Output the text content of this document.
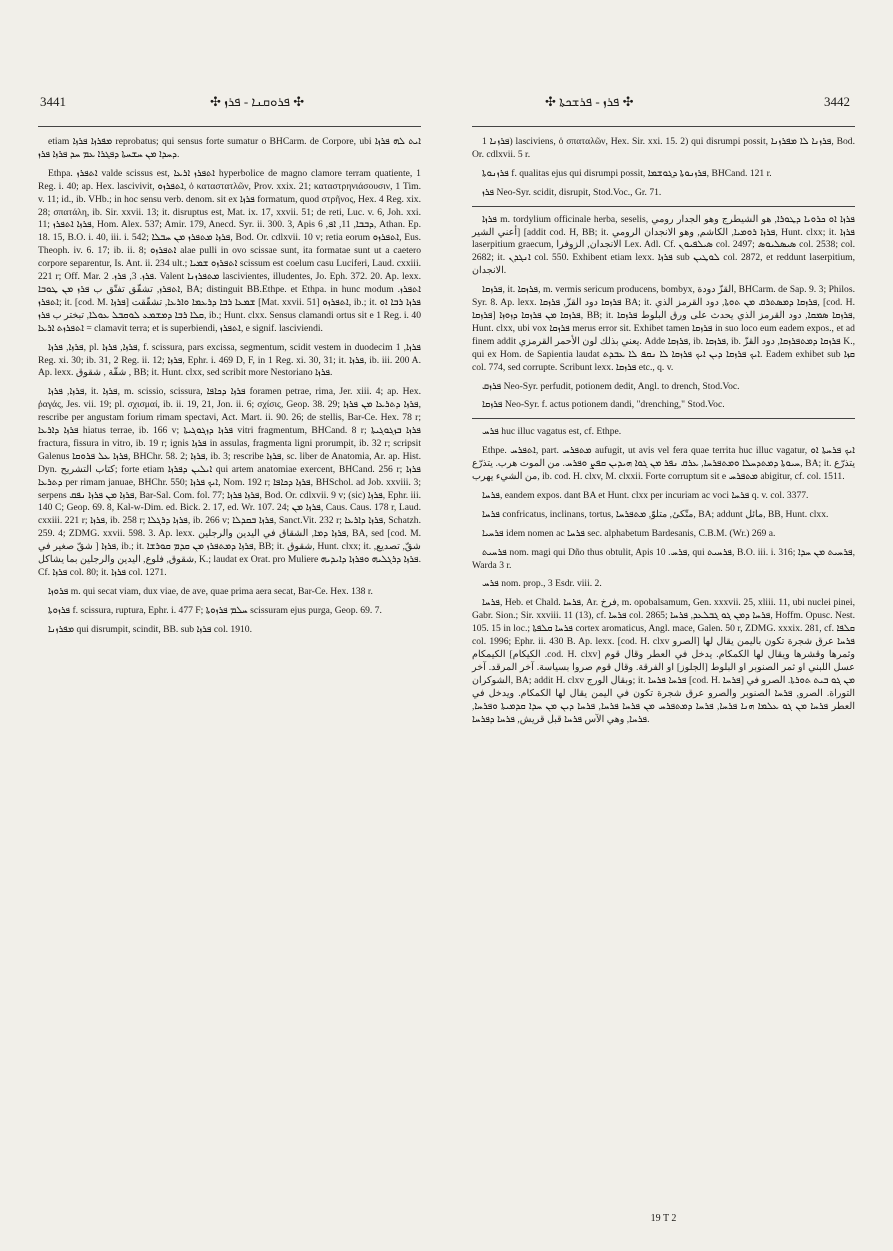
3441	✣ ܦܪܘܩܢܐ - ܦܪܙ ✣	✣ ܦܪܙ - ܦܪܫܟܬܐ ✣	3442

etiam ܡܦܪܙܐ ܦܪܙܐ reprobatus; qui sensus forte sumatur o BHCarm. de Corpore, ubi ܐܝܬ ܠܗ ܦܪܙܐ ܕܚܕܐ ܡܢ ܚܫܚܬܐ ܕܦܓܪܐ ܥܡ ܚܕ ܦܪܙܐ ܦܪܙ.

Ethpa. ܐܬܦܪܙ valde scissus est, ܐܬܦܪܙ ܐܪܥܐ hyperbolice de magno clamore terram quatiente, 1 Reg. i. 40; ap. Hex. lascivivit, ܐܬܦܪܙܘ, ὁ καταστατλῶν, Prov. xxix. 21; καταστρηνιάσουσιν, 1 Tim. v. 11; id., ib. VHb.; in hoc sensu verb. denom. sit ex ܦܪܙܐ formatum, quod στρῆνος, Hex. 4 Reg. xix. 28; σπατάλη, ib. Sir. xxvii. 13; it. disruptus est, Mat. ix. 17, xxvii. 51; de reti, Luc. v. 6, Joh. xxi. 11; ܦܪܙܐ ܐܬܦܪܙ, Hom. Alex. 537; Amir. 179, Anecd. Syr. ii. 300. 3, Apis ܕܒܒܐ, 11, ܐܦ, 6, Athan. Ep. 18. 15, B.O. i. 40, iii. i. 542; ܦܪܙܐ ܡܬܦܪܙ ܡܢ ܚܒܠܐ, Bod. Or. cdlxvii. 10 v; retia eorum ܐܬܦܪܙܘ, Eus. Theoph. iv. 6. 17; ib. ii. 8; ܐܬܦܪܙܘ alae pulli in ovo scissae sunt, ita formatae sunt ut a caetero corpore separentur, Is. Ant. ii. 234 ult.; ܐܬܦܪܙܘ ܫܡܝܐ scissum est coelum casu Luciferi, Laud. cxxiii. 221 r; Off. Mar. ܦܪܙ. 3, ܦܪܙ. 2. Valent ܡܬܦܪܙܢܐ lascivientes, illudentes, Jo. Eph. 372. 20. Ap. lexx. ܐܬܦܪܙ, تشقّق تفتّق ب ܦܪܙ ܡܢ ܛܘܒܐ, BA; distinguit BB.Ethpe. et Ethpa. in hunc modum ܐܬܦܪܙ. ܐܬܦܪܙ; it. [cod. M. ܦܪܙܐ] ܫܡܥܐ ܪܒܐ ܕܪܥܡܐ ܘܐܪܥܐ, تشقّقت [Mat. xxvii. 51] ܐܬܦܪܙܘ, ib.; it. ܦܪܙܐ ܪܒܐ ܐܘ ܩܠܐ ܪܒܐ ܕܡܫܡܥ ܠܘܩܒܠ ܥܘܠܐ, تبختر ب ܦܪܙ, ib.; Hunt. clxx. Sensus clamandi ortus sit e 1 Reg. i. 40 ܐܬܦܪܙܬ ܐܪܥܐ = clamavit terra; et is superbiendi, ܐܬܦܪܙ, e signif. lasciviendi.

ܦܪܙܐ, ܦܪܙܐ, pl. ܦܪܙܐ, ܦܪܙܐ, f. scissura, pars excissa, segmentum, scidit vestem in duodecim ܦܪܙܐ, 1 Reg. xi. 30; ib. 31, 2 Reg. ii. 12; ܦܪܙܐ, Ephr. i. 469 D, F, in 1 Reg. xi. 30, 31; it. ܦܪܙܐ, ib. iii. 200 A. Ap. lexx. شقّة , شقوق , BB; it. Hunt. clxx, sed scribit more Nestoriano ܦܪܙܐ.

ܦܪܙܐ, ܦܪܙܐ, it. ܦܪܙܐ, m. scissio, scissura, ܦܪܙܐ ܕܟܐܦܐ foramen petrae, rima, Jer. xiii. 4; ap. Hex. ῥαγάς, Jes. vii. 19; pl. σχισμαί, ib. ii. 19, 21, Jon. ii. 6; σχίσις, Geop. 38. 29; ܦܪܙܐ ܕܬܪܥܐ ܡܢ ܦܪܙܐ, rescribe per angustam forium rimam spectavi, Act. Mart. ii. 90. 26; de stellis, Bar-Ce. Hex. 78 r; ܦܪܙܐ ܕܐܪܥܐ hiatus terrae, ib. 166 v; ܦܪܙܐ ܕܙܓܘܓܝܬܐ vitri fragmentum, BHCand. 8 r; ܦܪܙܐ ܒܙܓܘܓܝܬܐ fractura, fissura in vitro, ib. 19 r; ignis ܦܪܙܐ in assulas, fragmenta ligni prorumpit, ib. 32 r; scripsit Galenus ܦܪܙܐ ܥܠ ܦܪܘܩܐ, BHChr. 58. 2; ܦܪܙܐ, ib. 3; rescribe ܦܪܙܐ, sc. liber de Anatomia, Ar. ap. Hist. Dyn. كتاب التشريح; forte etiam ܐܝܠܝܢ ܕܦܪܙܐ qui artem anatomiae exercent, BHCand. 256 r; ܦܪܙܐ ܕܬܪܥܐ per rimam januae, BHChr. 550; ܐܝܟ ܦܪܙܐ, Nom. 192 r; ܦܪܙܐ ܕܟܐܦܐ, BHSchol. ad Job. xxviii. 3; serpens ܦܪܙܐ ܡܢ ܦܪܙܐ ܢܦܩ, Bar-Sal. Com. fol. 77; ܦܪܙܐ ܦܪܙܐ, Bod. Or. cdlxvii. 9 v; (sic) ܦܪܙܐ, Ephr. iii. 140 C; Geop. 69. 8, Kal-w-Dim. ed. Bick. 2. 17, ed. Wr. 107. 24; ܦܪܙܐ ܡܢ, Caus. Caus. 178 r, Laud. cxxiii. 221 r; ܦܪܙܐ, ib. 258 r; ܦܪܙܐ ܕܪܓܠܐ, ib. 266 v; ܦܪܙܐ ܒܩܕܠܐ, Sanct.Vit. 232 r; ܦܪܙܐ ܕܐܪܥܐ, Schatzh. 259. 4; ZDMG. xxvii. 598. 3. Ap. lexx. ܦܪܙܐ ܕܡܐ, الشقاق في اليدين والرجلين, BA, sed [cod. M. شقّ صغير في ] ܦܪܙܐ, ib.; it. ܦܪܙܐ ܕܡܬܦܪܙ ܡܢ ܩܕܡ ܩܘܪܫܐ, BB; it. شقوق, Hunt. clxx; it. شقّ, تصديع, شقوق, فلوع, اليدين والرجلين بما يشاكل, K.; laudat ex Orat. pro Muliere ܦܪܙܐ ܕܪܓܠܝܗ ܘܦܪܙܐ ܕܐܝܕܝܗ. Cf. ܦܪܙܐ col. 80; it. ܦܪܙܐ col. 1271.

ܦܪܘܙܐ m. qui secat viam, dux viae, de ave, quae prima aera secat, Bar-Ce. Hex. 138 r.

ܦܪܙܘܬܐ f. scissura, ruptura, Ephr. i. 477 F; ܚܠܡ ܦܪܙܘܬܐ scissuram ejus purga, Geop. 69. 7.

ܡܦܪܙܢܐ qui disrumpit, scindit, BB. sub ܦܪܙܐ col. 1910.

ܦܪܙܢܐ 1) lasciviens, ὁ σπαταλῶν, Hex. Sir. xxi. 15. 2) qui disrumpi possit, ܦܪܙܢܐ ܠܐ ܡܦܪܙܢܐ, Bod. Or. cdlxvii. 5 r.

ܦܪܙܢܘܬܐ f. qualitas ejus qui disrumpi possit, ܦܪܙܢܘܬܐ ܕܓܘܫܡܐ, BHCand. 121 r.

ܦܪܙ Neo-Syr. scidit, disrupit, Stod.Voc., Gr. 71.

ܦܪܙܐ m. tordylium officinale herba, seselis, ܦܪܙܐ ܐܘ ܟܪܘܝܐ ܕܛܘܪܐ, هو الشيطرج وهو الجدار رومي [أعني الشير [addit cod. H, BB; it. ܦܪܙܐ ܪܘܡܝܐ, الكاشم, وهو الانجدان الرومي, Hunt. clxx; it. ܦܪܙܐ laserpitium graecum, الانجدان, الزوفرا Lex. Adl. Cf. ܣܝܠܦܝܘܢ col. 2497; ܣܝܣܠܝܘܣ col. 2538; col. 2682; it. ܐܢܓܕܢ col. 550. Exhibent etiam lexx. ܦܪܙܐ sub ܠܘܛܝܢ col. 2872, et reddunt laserpitium, الانجدان.

ܦܪܙܩܐ, it. ܦܪܙܩܐ, m. vermis sericum producens, bombyx, القزّ دودة, BHCarm. de Sap. 9. 3; Philos. Syr. 8. Ap. lexx. ܦܪܙܩܐ دود القزّ, ܦܪܙܩܐ BA; it. ܦܪܙܩܐ ܕܡܣܬܪܩ ܡܢ ܬܘܬܐ, دود القرمز الذي, [cod. H. ܦܪܙܩܐ] ܦܪܙܩܐ ܡܢ ܦܪܙܩܐ ܕܙܘܙܐ, BB; it. ܦܪܙܩܐ ܣܡܩܐ, دود القرمز الذي يحدث على ورق البلوط ܦܪܙܩܐ, Hunt. clxx, ubi vox ܦܪܙܩܐ merus error sit. Exhibet tamen ܦܪܙܩܐ in suo loco eum eadem expos., et ad finem addit يعني بذلك لون الأحمر القرمزي. Adde ܦܪܙܩܐ, ib. ܦܪܙܩܐ, ib. ܦܪܙܩܐ ܕܡܬܦܪܙܩܐ, دود القزّ K., qui ex Hom. de Sapientia laudat ܐܝܟ ܦܪܙܩܐ ܕܝܢ ܐܝܟ ܦܪܙܩܐ ܠܐ ܢܩܦ ܠܐ ܥܒܕܬ. Eadem exhibet sub ܩܙܐ col. 774, sed corrupte. Scribunt lexx. ܦܪܙܩܐ etc., q. v.

ܦܪܙܩ Neo-Syr. perfudit, potionem dedit, Angl. to drench, Stod.Voc.

ܦܪܙܩܐ Neo-Syr. f. actus potionem dandi, "drenching," Stod.Voc.

ܦܪܚ huc illuc vagatus est, cf. Ethpe.

Ethpe. ܐܬܦܪܚ, part. ܡܬܦܪܚ aufugit, ut avis vel fera quae territa huc illuc vagatur, ܐܝܟ ܦܪܚܬܐ ܐܘ ܚܝܘܬܐ ܕܡܬܕܚܠܐ ܘܡܬܦܪܚܐ, ܥܪܩ ܢܦܪ ܡܢ ܓܘܐ ܗܝܕܝܢ ܩܦܨ ܘܦܪܚ. من الموت هرب. يتذرّع, BA; it. يتذرّع من الشيء يهرب, ib. cod. H. clxv, M. clxxii. Forte corruptum sit e ܡܬܦܪܚ abigitur, cf. col. 1511.

ܦܪܚܐ, eandem expos. dant BA et Hunt. clxx per incuriam ac voci ܦܪܚܐ q. v. col. 3377.

ܦܪܚܐ confricatus, inclinans, tortus, متّكئ, متلوّ, ܡܬܦܪܚܐ, BA; addunt مائل, BB, Hunt. clxx.

ܦܪܚܝܐ idem nomen ac ܦܪܚܐ sec. alphabetum Bardesanis, C.B.M. (Wr.) 269 a.

ܦܪܚܝܬ nom. magi qui Dño thus obtulit, Apis ܦܪܚ. 10, qui ܦܪܚܝܬ, B.O. iii. i. 316; ܦܪܚܝܬ ܡܢ ܚܕܐ, Warda 3 r.

ܦܪܚ nom. prop., 3 Esdr. viii. 2.

ܦܪܚܐ, Heb. et Chald. ܦܪܚܐ, Ar. فرخ, m. opobalsamum, Gen. xxxvii. 25, xliii. 11, ubi nuclei pinei, Gabr. Sion.; Sir. xxviii. 11 (13), cf. ܦܪܚܐ col. 2865; ܦܪܚܐ ܕܡܢ ܓܘ ܓܒܠܥܕ, ܦܪܚܐ, Hoffm. Opusc. Nest. 105. 15 in loc.; ܦܪܚܐ ܩܠܦܬܐ cortex aromaticus, Angl. mace, Galen. 50 r, ZDMG. xxxix. 281, cf. ܩܠܦܐ col. 1996; Ephr. ii. 430 B. Ap. lexx. [cod. H. clxv الصرو] ܦܪܚܐ عرق شجرة تكون باليمن يقال لها الكيمكام [الكيكام .cod. H. clxv] وثمرها وقشرها ويقال لها الكمكام. يدخل في العطر وقال قوم عسل اللبني او ثمر الصنوبر او البلوط [الجلوز] او الفرقة. وقال قوم صروا بسياسة. آخر المرقد. آخر الشوكران, BA; addit H. clxv وبقال الورج; it. ܦܪܚܐ ܦܪܚܐ [cod. H. ܦܪܚܐ] ܡܢ ܓܘ ܒܝܬ ܬܘܪܬܐ. الصرو في التوراة. الصرو, ܦܪܚܐ الصنوبر والصرو عرق شجرة تكون في اليمن يقال لها الكمكام. ويدخل في العطر ܦܪܚܐ ܡܢ ܓܘ ܥܠܡܐ ܗܢܐ ܦܪܚܐ, ܦܪܚܐ ܕܡܬܦܪܚ ܡܢ ܦܪܚܐ ܦܪܚܐ, ܦܪܚܐ ܕܝܢ ܡܢ ܚܕܐ ܩܕܡܝܬܐ ܘܦܪܚܐ, ܦܪܚܐ, وهي الآس ܦܪܚܐ قبل قريش, ܦܪܚܐ ܕܦܪܚܐ.

19 T 2
